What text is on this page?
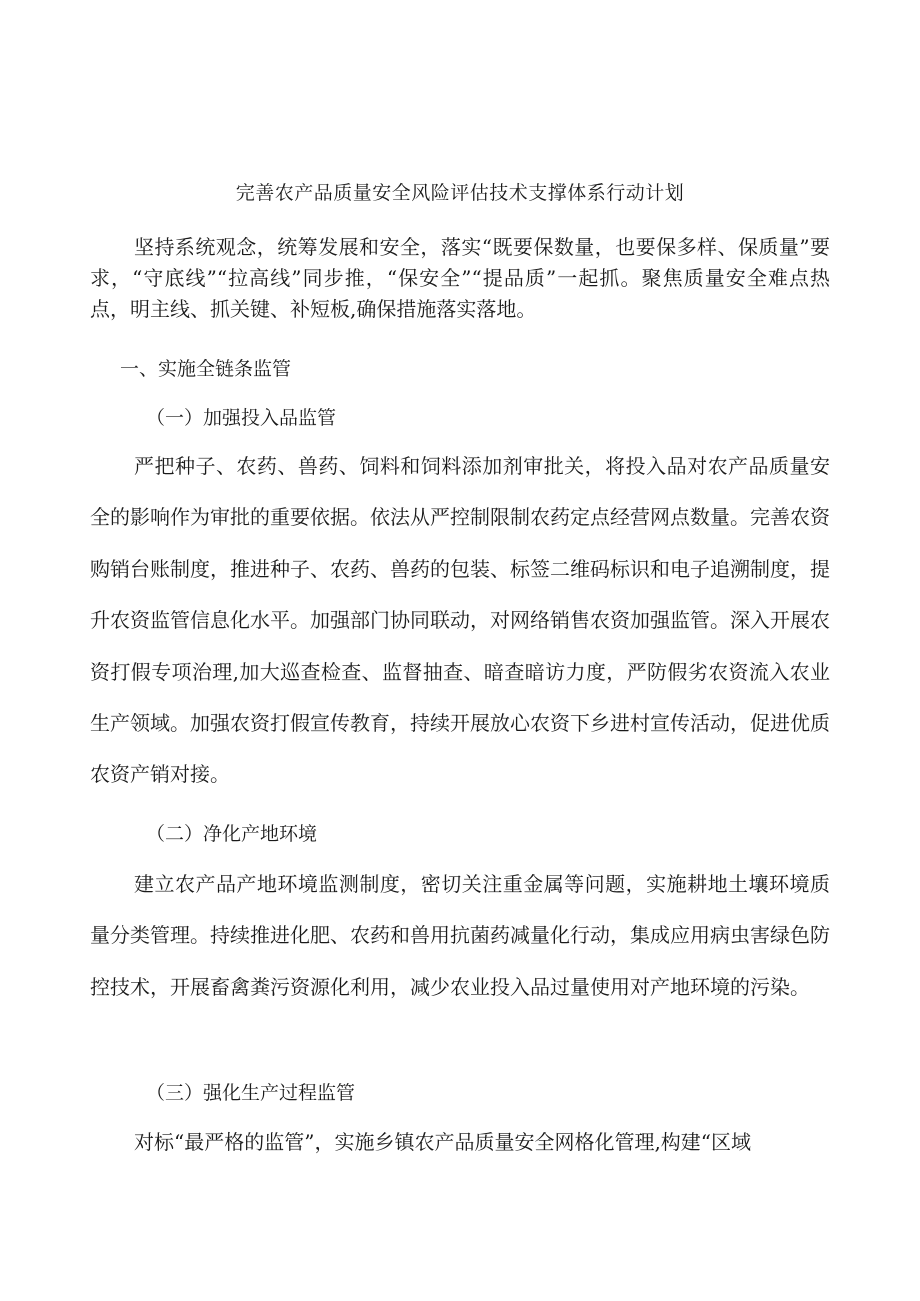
完善农产品质量安全风险评估技术支撑体系行动计划
坚持系统观念，统筹发展和安全，落实“既要保数量，也要保多样、保质量”要求，“守底线”“拉高线”同步推，“保安全”“提品质”一起抓。聚焦质量安全难点热点，明主线、抓关键、补短板,确保措施落实落地。
一、实施全链条监管
（一）加强投入品监管
严把种子、农药、兽药、饲料和饲料添加剂审批关，将投入品对农产品质量安全的影响作为审批的重要依据。依法从严控制限制农药定点经营网点数量。完善农资购销台账制度，推进种子、农药、兽药的包装、标签二维码标识和电子追溯制度，提升农资监管信息化水平。加强部门协同联动，对网络销售农资加强监管。深入开展农资打假专项治理,加大巡查检查、监督抽查、暗查暗访力度，严防假劣农资流入农业生产领域。加强农资打假宣传教育，持续开展放心农资下乡进村宣传活动，促进优质农资产销对接。
（二）净化产地环境
建立农产品产地环境监测制度，密切关注重金属等问题，实施耕地土壤环境质量分类管理。持续推进化肥、农药和兽用抗菌药减量化行动，集成应用病虫害绿色防控技术，开展畜禽粪污资源化利用，减少农业投入品过量使用对产地环境的污染。
（三）强化生产过程监管
对标“最严格的监管”，实施乡镇农产品质量安全网格化管理,构建“区域
